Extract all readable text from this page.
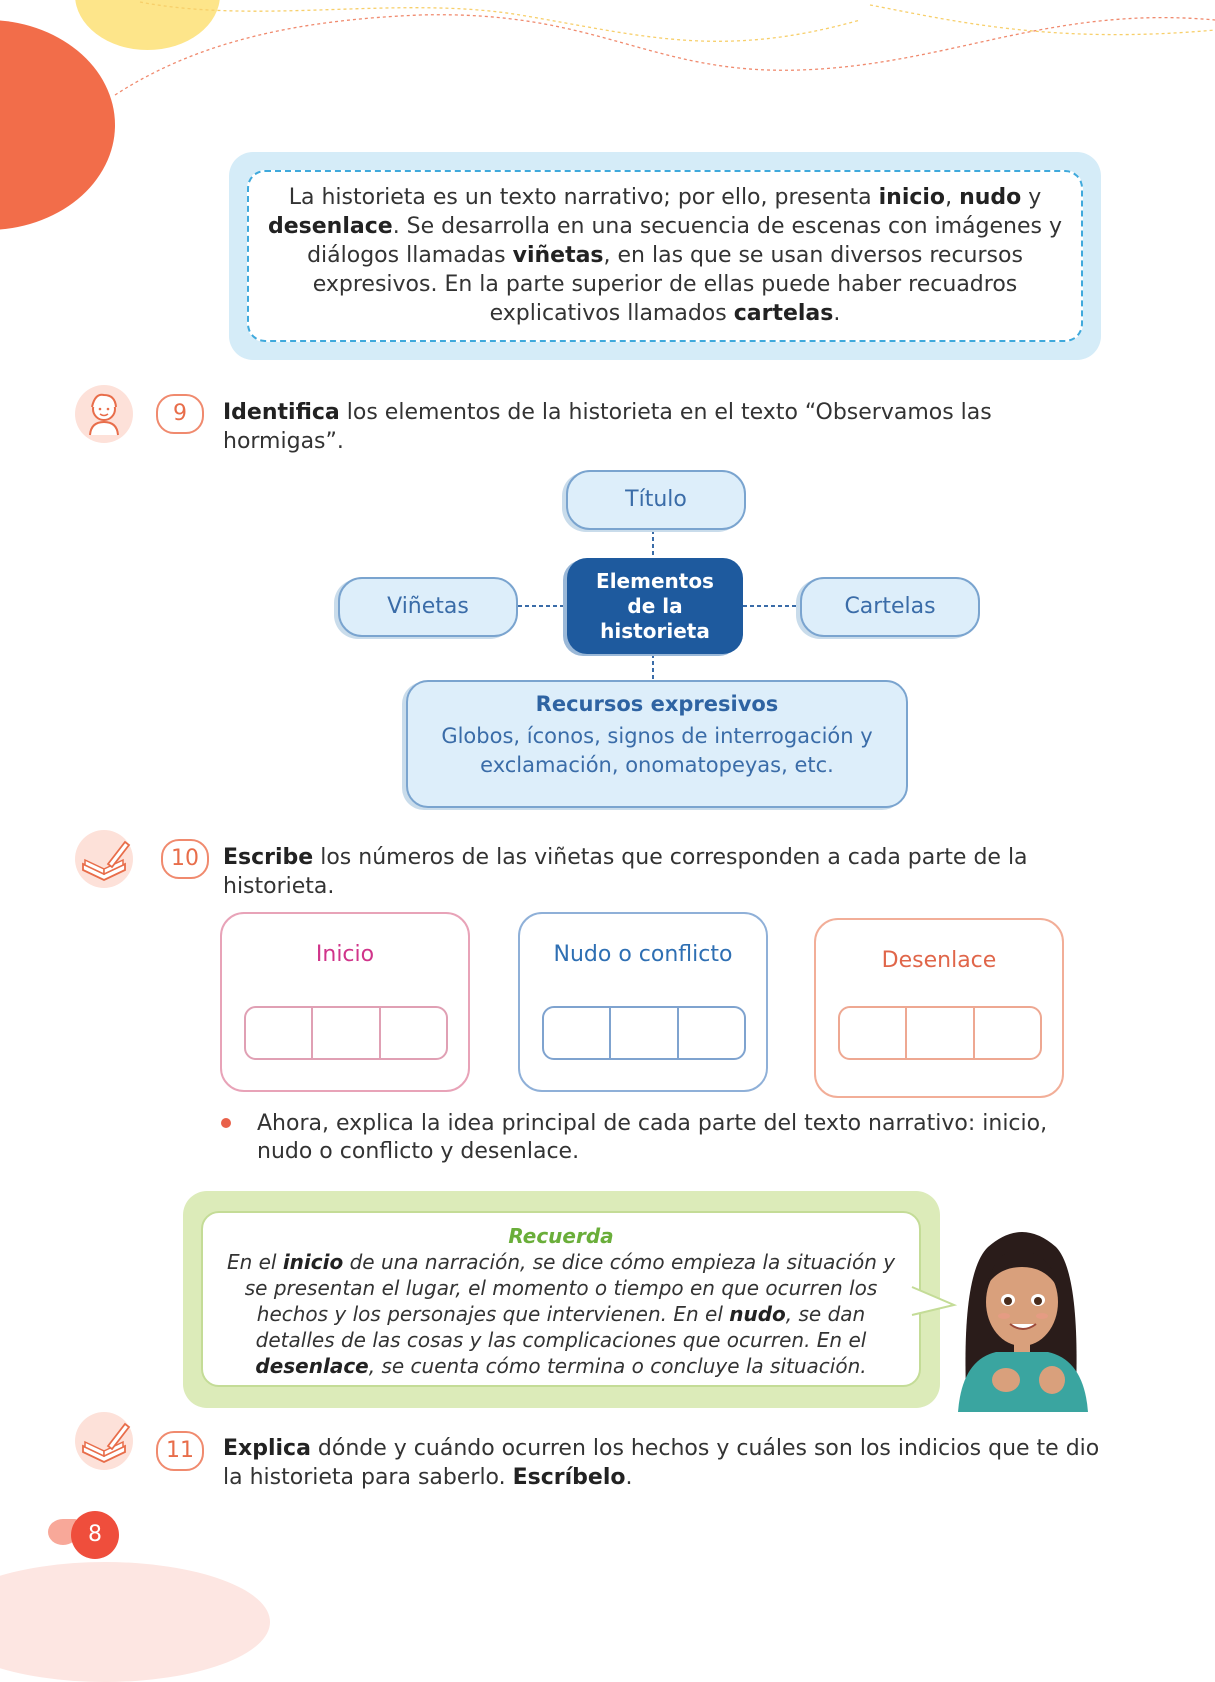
La historieta es un texto narrativo; por ello, presenta inicio, nudo y desenlace. Se desarrolla en una secuencia de escenas con imágenes y diálogos llamadas viñetas, en las que se usan diversos recursos expresivos. En la parte superior de ellas puede haber recuadros explicativos llamados cartelas.
9	Identifica los elementos de la historieta en el texto “Observamos las hormigas”.
Título
Viñetas	Cartelas
Elementos
de la
historieta
Recursos expresivos
Globos, íconos, signos de interrogación y exclamación, onomatopeyas, etc.
10	Escribe los números de las viñetas que corresponden a cada parte de la historieta.
Inicio	Nudo o conflicto	Desenlace
Ahora, explica la idea principal de cada parte del texto narrativo: inicio, nudo o conflicto y desenlace.
Recuerda
En el inicio de una narración, se dice cómo empieza la situación y se presentan el lugar, el momento o tiempo en que ocurren los hechos y los personajes que intervienen. En el nudo, se dan detalles de las cosas y las complicaciones que ocurren. En el desenlace, se cuenta cómo termina o concluye la situación.
11	Explica dónde y cuándo ocurren los hechos y cuáles son los indicios que te dio la historieta para saberlo. Escríbelo.
8
